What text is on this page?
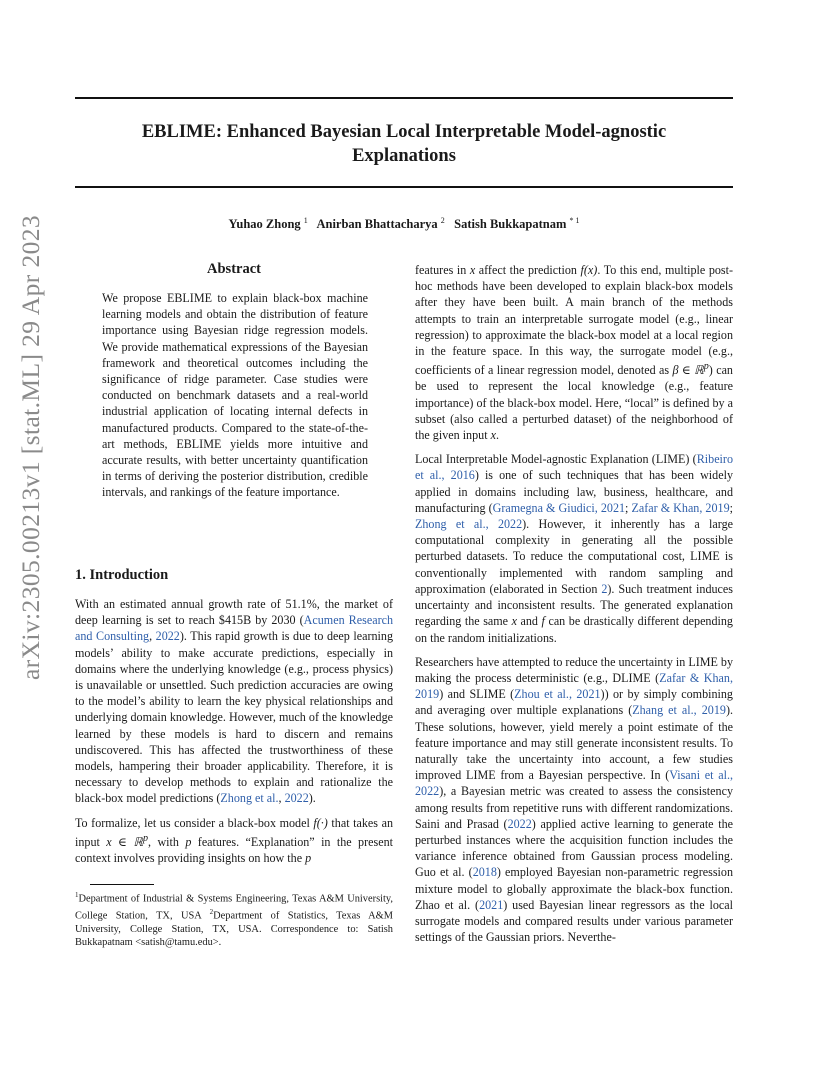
EBLIME: Enhanced Bayesian Local Interpretable Model-agnostic
Explanations
Yuhao Zhong $^1$ Anirban Bhattacharya $^2$ Satish Bukkapatnam $^{* 1}$
arXiv:2305.00213v1 [stat.ML] 29 Apr 2023	Abstract
We propose EBLIME to explain black-box machine learning models and obtain the distribution of feature importance using Bayesian ridge regression models. We provide mathematical expressions of the Bayesian framework and theoretical outcomes including the significance of ridge parameter. Case studies were conducted on benchmark datasets and a real-world industrial application of locating internal defects in manufactured products. Compared to the state-of-the-art methods, EBLIME yields more intuitive and accurate results, with better uncertainty quantification in terms of deriving the posterior distribution, credible intervals, and rankings of the feature importance.
1. Introduction

With an estimated annual growth rate of 51.1%, the market of deep learning is set to reach $415B by 2030 (Acumen Research and Consulting, 2022). This rapid growth is due to deep learning models’ ability to make accurate predictions, especially in domains where the underlying knowledge (e.g., process physics) is unavailable or unsettled. Such prediction accuracies are owing to the model’s ability to learn the key physical relationships and underlying domain knowledge. However, much of the knowledge learned by these models is hard to discern and remains undiscovered. This has affected the trustworthiness of these models, hampering their broader applicability. Therefore, it is necessary to develop methods to explain and rationalize the black-box model predictions (Zhong et al., 2022).

To formalize, let us consider a black-box model f(·) that takes an input x ∈ ℝ$^p$, with p features. “Explanation” in the present context involves providing insights on how the p

$^1$Department of Industrial & Systems Engineering, Texas A&M University, College Station, TX, USA $^2$Department of Statistics, Texas A&M University, College Station, TX, USA. Correspondence to: Satish Bukkapatnam <satish@tamu.edu>.

features in x affect the prediction f(x). To this end, multiple post-hoc methods have been developed to explain black-box models after they have been built. A main branch of the methods attempts to train an interpretable surrogate model (e.g., linear regression) to approximate the black-box model at a local region in the feature space. In this way, the surrogate model (e.g., coefficients of a linear regression model, denoted as β ∈ ℝ$^p$) can be used to represent the local knowledge (e.g., feature importance) of the black-box model. Here, “local” is defined by a subset (also called a perturbed dataset) of the neighborhood of the given input x.

Local Interpretable Model-agnostic Explanation (LIME) (Ribeiro et al., 2016) is one of such techniques that has been widely applied in domains including law, business, healthcare, and manufacturing (Gramegna & Giudici, 2021; Zafar & Khan, 2019; Zhong et al., 2022). However, it inherently has a large computational complexity in generating all the possible perturbed datasets. To reduce the computational cost, LIME is conventionally implemented with random sampling and approximation (elaborated in Section 2). Such treatment induces uncertainty and inconsistent results. The generated explanation regarding the same x and f can be drastically different depending on the random initializations.

Researchers have attempted to reduce the uncertainty in LIME by making the process deterministic (e.g., DLIME (Zafar & Khan, 2019) and SLIME (Zhou et al., 2021)) or by simply combining and averaging over multiple explanations (Zhang et al., 2019). These solutions, however, yield merely a point estimate of the feature importance and may still generate inconsistent results. To naturally take the uncertainty into account, a few studies improved LIME from a Bayesian perspective. In (Visani et al., 2022), a Bayesian metric was created to assess the consistency among results from repetitive runs with different randomizations. Saini and Prasad (2022) applied active learning to generate the perturbed instances where the acquisition function includes the variance inference obtained from Gaussian process modeling. Guo et al. (2018) employed Bayesian non-parametric regression mixture model to globally approximate the black-box function. Zhao et al. (2021) used Bayesian linear regressors as the local surrogate models and compared results under various parameter settings of the Gaussian priors. Neverthe-
